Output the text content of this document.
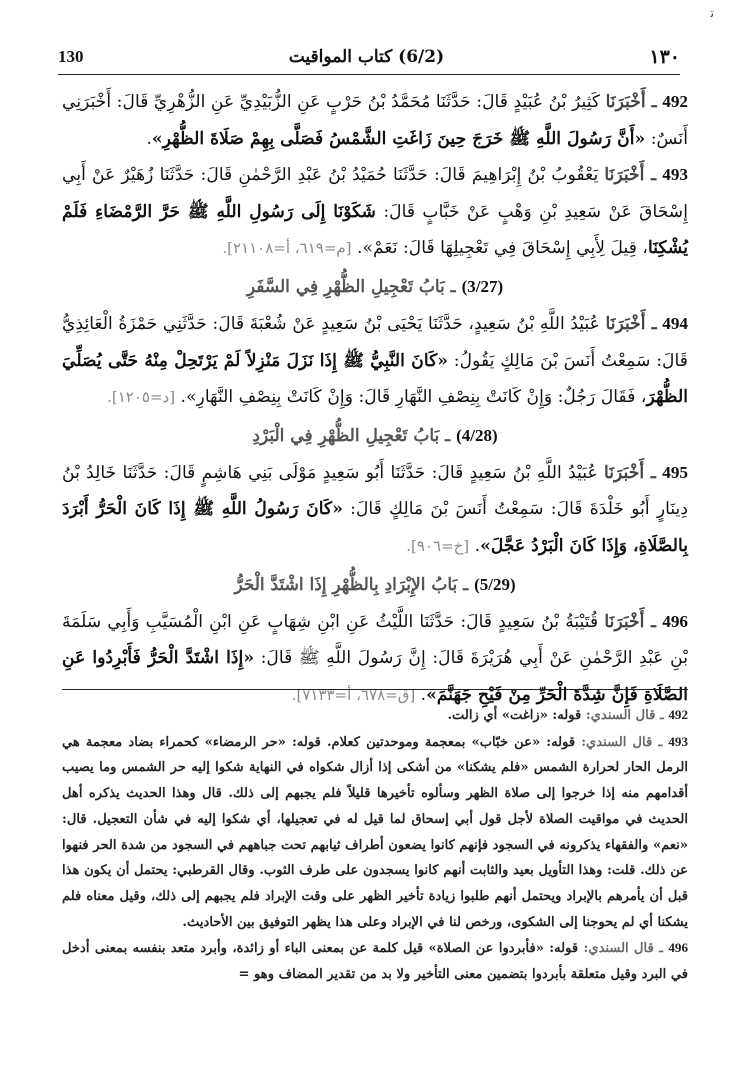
ﺗ
130	(6/2) كتاب المواقيت	١٣٠

492 ـ أَخْبَرَنَا كَثِيرُ بْنُ عُبَيْدٍ قَالَ: حَدَّثَنَا مُحَمَّدُ بْنُ حَرْبٍ عَنِ الزُّبَيْدِيِّ عَنِ الزُّهْرِيِّ قَالَ: أَخْبَرَنِي أَنَسٌ: «أَنَّ رَسُولَ اللَّهِ ﷺ خَرَجَ حِينَ زَاغَتِ الشَّمْسُ فَصَلَّى بِهِمْ صَلَاةَ الظُّهْرِ».

493 ـ أَخْبَرَنَا يَعْقُوبُ بْنُ إِبْرَاهِيمَ قَالَ: حَدَّثَنَا حُمَيْدُ بْنُ عَبْدِ الرَّحْمٰنِ قَالَ: حَدَّثَنَا زُهَيْرٌ عَنْ أَبِي إِسْحَاقَ عَنْ سَعِيدِ بْنِ وَهْبٍ عَنْ خَبَّابٍ قَالَ: شَكَوْنَا إِلَى رَسُولِ اللَّهِ ﷺ حَرَّ الرَّمْضَاءِ فَلَمْ يُشْكِنَا، قِيلَ لِأَبِي إِسْحَاقَ فِي تَعْجِيلِهَا قَالَ: نَعَمْ». [م=٦١٩، أ=٢١١٠٨].

(3/27) ـ بَابُ تَعْجِيلِ الظُّهْرِ فِي السَّفَرِ

494 ـ أَخْبَرَنَا عُبَيْدُ اللَّهِ بْنُ سَعِيدٍ، حَدَّثَنَا يَحْيَى بْنُ سَعِيدٍ عَنْ شُعْبَةَ قَالَ: حَدَّثَنِي حَمْزَةُ الْعَائِذِيُّ قَالَ: سَمِعْتُ أَنَسَ بْنَ مَالِكٍ يَقُولُ: «كَانَ النَّبِيُّ ﷺ إِذَا نَزَلَ مَنْزِلاً لَمْ يَرْتَحِلْ مِنْهُ حَتَّى يُصَلِّيَ الظُّهْرَ، فَقَالَ رَجُلٌ: وَإِنْ كَانَتْ بِنِصْفِ النَّهَارِ قَالَ: وَإِنْ كَانَتْ بِنِصْفِ النَّهَارِ». [د=١٢٠٥].

(4/28) ـ بَابُ تَعْجِيلِ الظُّهْرِ فِي الْبَرْدِ

495 ـ أَخْبَرَنَا عُبَيْدُ اللَّهِ بْنُ سَعِيدٍ قَالَ: حَدَّثَنَا أَبُو سَعِيدٍ مَوْلَى بَنِي هَاشِمٍ قَالَ: حَدَّثَنَا خَالِدُ بْنُ دِينَارٍ أَبُو خَلْدَةَ قَالَ: سَمِعْتُ أَنَسَ بْنَ مَالِكٍ قَالَ: «كَانَ رَسُولُ اللَّهِ ﷺ إِذَا كَانَ الْحَرُّ أَبْرَدَ بِالصَّلَاةِ، وَإِذَا كَانَ الْبَرْدُ عَجَّلَ». [خ=٩٠٦].

(5/29) ـ بَابُ الإِبْرَادِ بِالظُّهْرِ إِذَا اشْتَدَّ الْحَرُّ

496 ـ أَخْبَرَنَا قُتَيْبَةُ بْنُ سَعِيدٍ قَالَ: حَدَّثَنَا اللَّيْثُ عَنِ ابْنِ شِهَابٍ عَنِ ابْنِ الْمُسَيَّبِ وَأَبِي سَلَمَةَ بْنِ عَبْدِ الرَّحْمٰنِ عَنْ أَبِي هُرَيْرَةَ قَالَ: إِنَّ رَسُولَ اللَّهِ ﷺ قَالَ: «إِذَا اشْتَدَّ الْحَرُّ فَأَبْرِدُوا عَنِ الصَّلَاةِ فَإِنَّ شِدَّةَ الْحَرِّ مِنْ فَيْحِ جَهَنَّمَ». [ق=٦٧٨، أ=٧١٣٣].

492 ـ قال السندي: قوله: «زاغت» أي زالت.

493 ـ قال السندي: قوله: «عن خبّاب» بمعجمة وموحدتين كعلام. قوله: «حر الرمضاء» كحمراء بضاد معجمة هي الرمل الحار لحرارة الشمس «فلم يشكنا» من أشكى إذا أزال شكواه في النهاية شكوا إليه حر الشمس وما يصيب أقدامهم منه إذا خرجوا إلى صلاة الظهر وسألوه تأخيرها قليلاً فلم يجبهم إلى ذلك. قال وهذا الحديث يذكره أهل الحديث في مواقيت الصلاة لأجل قول أبي إسحاق لما قيل له في تعجيلها، أي شكوا إليه في شأن التعجيل. قال: «نعم» والفقهاء يذكرونه في السجود فإنهم كانوا يضعون أطراف ثيابهم تحت جباههم في السجود من شدة الحر فنهوا عن ذلك. قلت: وهذا التأويل بعيد والثابت أنهم كانوا يسجدون على طرف الثوب. وقال القرطبي: يحتمل أن يكون هذا قبل أن يأمرهم بالإبراد ويحتمل أنهم طلبوا زيادة تأخير الظهر على وقت الإبراد فلم يجبهم إلى ذلك، وقيل معناه فلم يشكنا أي لم يحوجنا إلى الشكوى، ورخص لنا في الإبراد وعلى هذا يظهر التوفيق بين الأحاديث.

496 ـ قال السندي: قوله: «فأبردوا عن الصلاة» قيل كلمة عن بمعنى الباء أو زائدة، وأبرد متعد بنفسه بمعنى أدخل في البرد وقيل متعلقة بأبردوا بتضمين معنى التأخير ولا بد من تقدير المضاف وهو =
